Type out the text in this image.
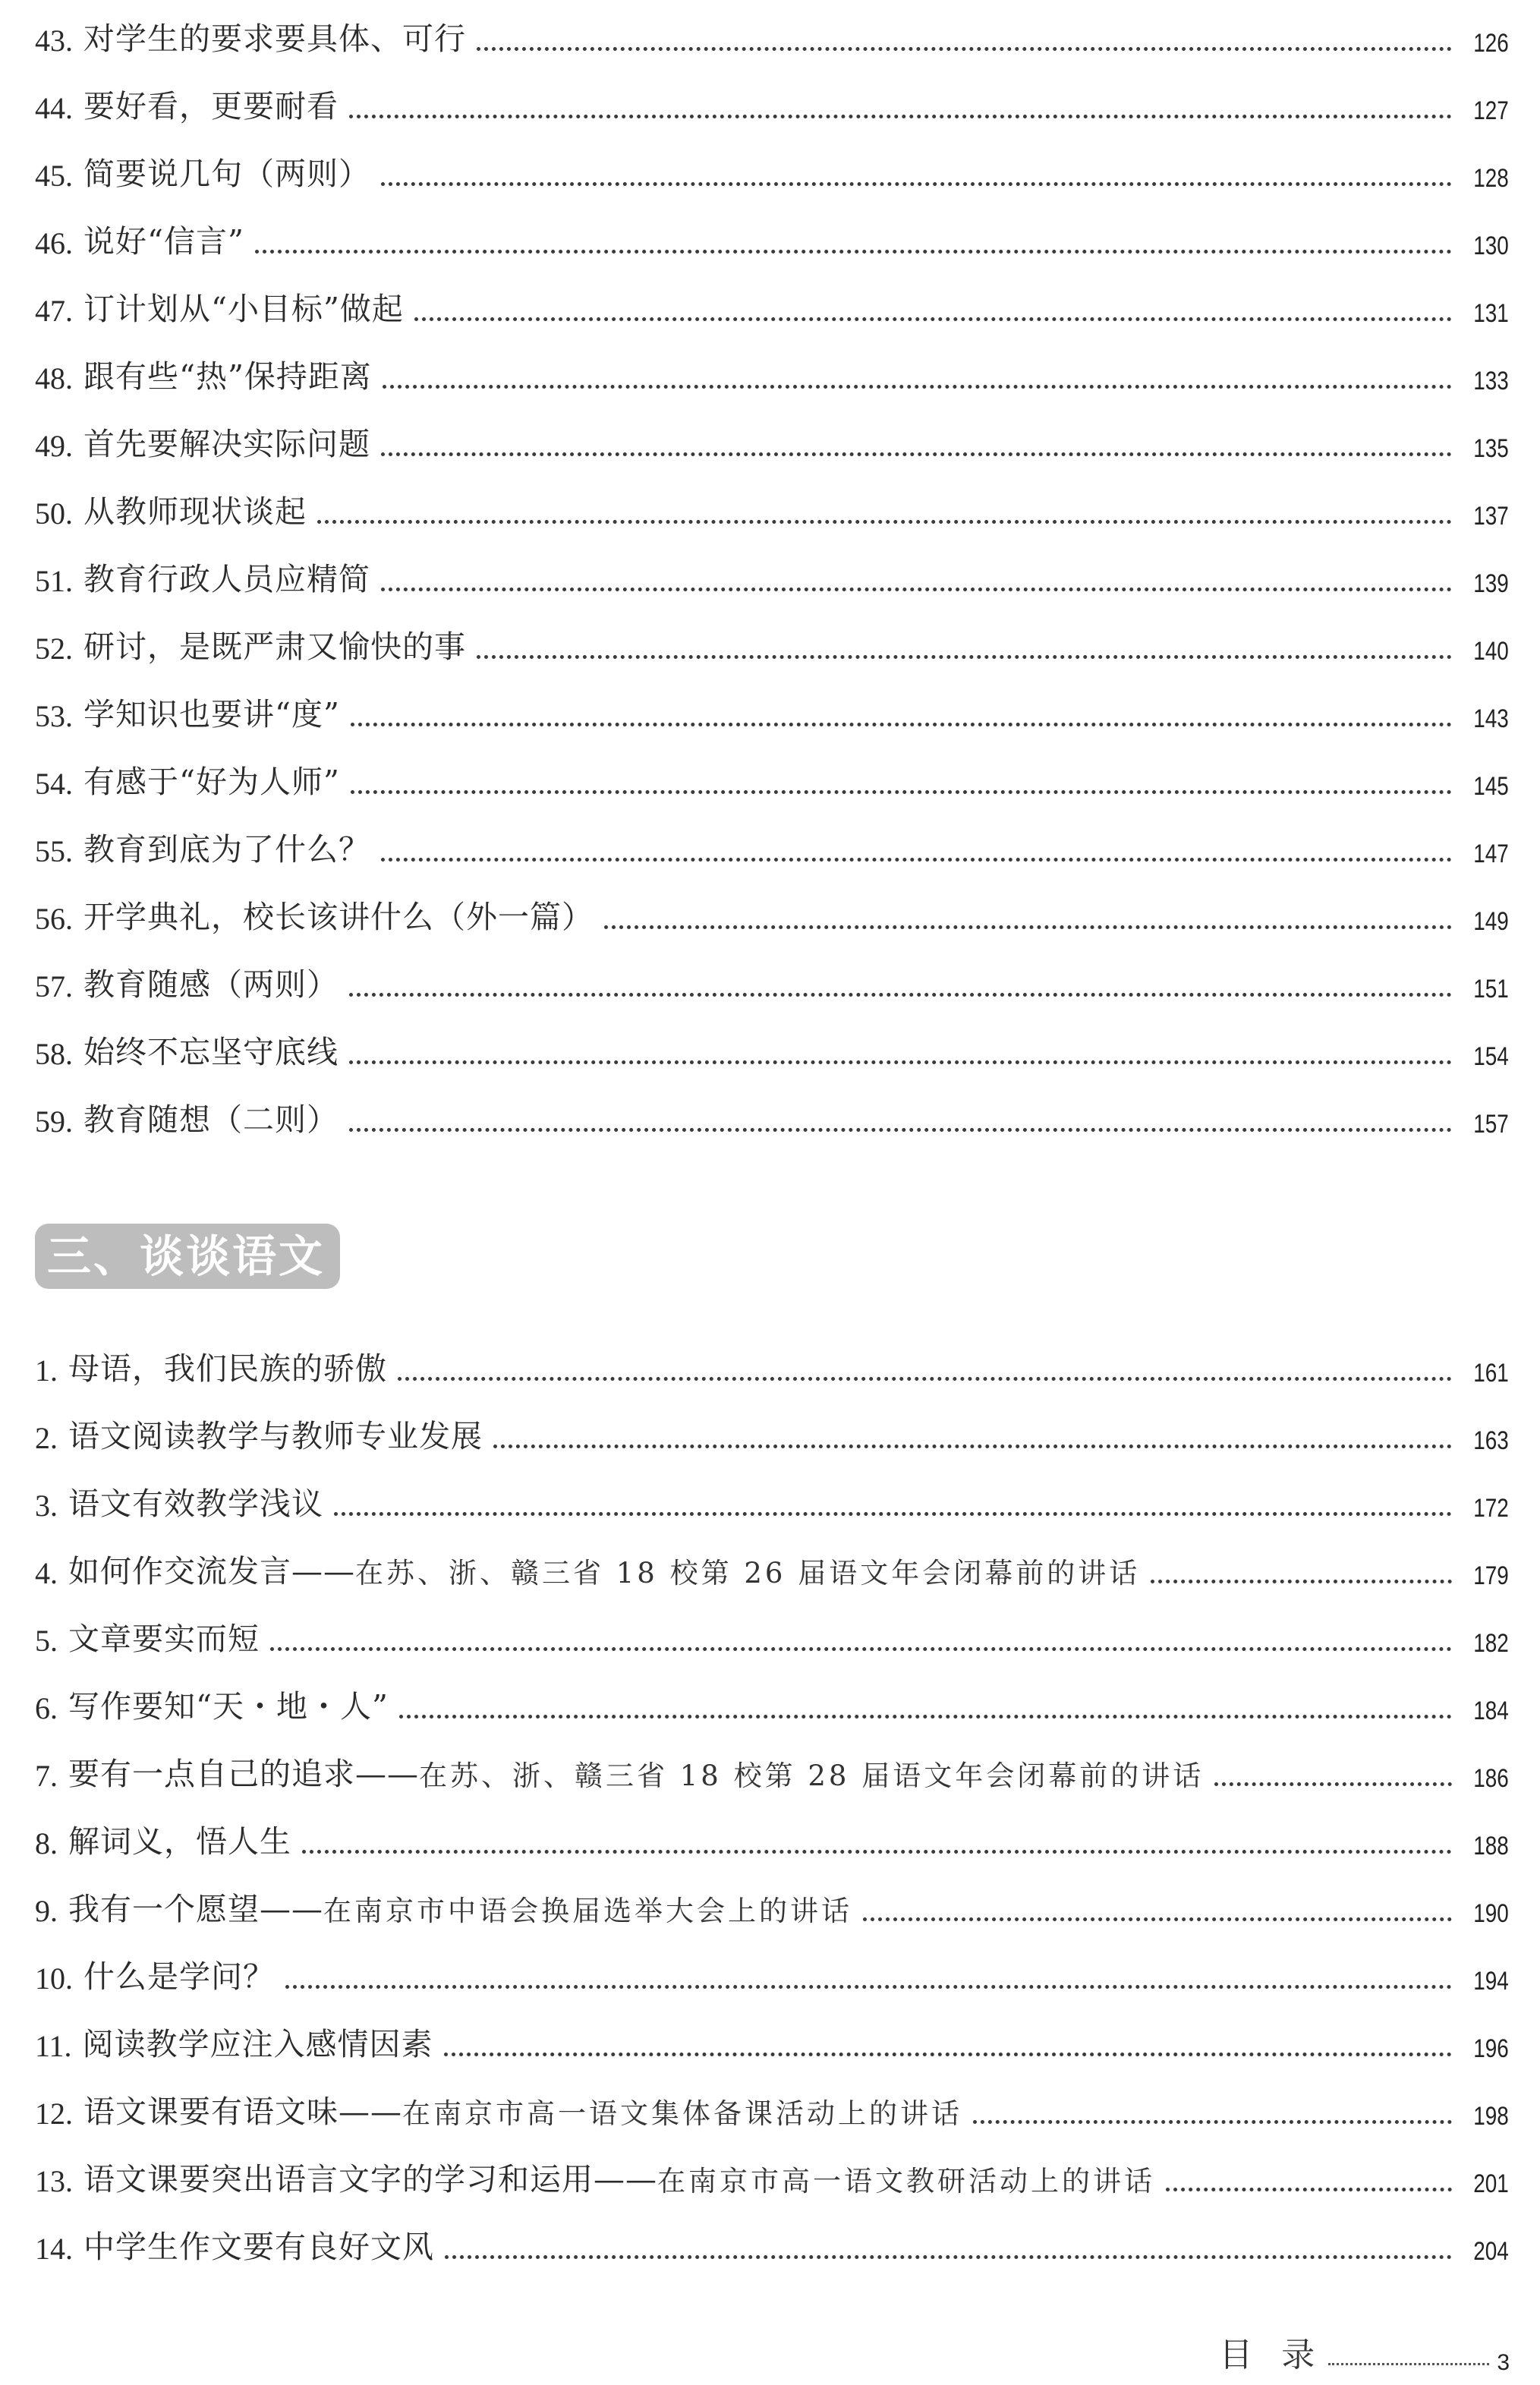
43. 对学生的要求要具体、可行	126
44. 要好看，更要耐看	127
45. 简要说几句（两则）	128
46. 说好“信言”	130
47. 订计划从“小目标”做起	131
48. 跟有些“热”保持距离	133
49. 首先要解决实际问题	135
50. 从教师现状谈起	137
51. 教育行政人员应精简	139
52. 研讨，是既严肃又愉快的事	140
53. 学知识也要讲“度”	143
54. 有感于“好为人师”	145
55. 教育到底为了什么？	147
56. 开学典礼，校长该讲什么（外一篇）	149
57. 教育随感（两则）	151
58. 始终不忘坚守底线	154
59. 教育随想（二则）	157
三、谈谈语文
1. 母语，我们民族的骄傲	161
2. 语文阅读教学与教师专业发展	163
3. 语文有效教学浅议	172
4. 如何作交流发言—— 在苏、浙、赣三省 18 校第 26 届语文年会闭幕前的讲话	179
5. 文章要实而短	182
6. 写作要知“天・地・人”	184
7. 要有一点自己的追求—— 在苏、浙、赣三省 18 校第 28 届语文年会闭幕前的讲话	186
8. 解词义，悟人生	188
9. 我有一个愿望—— 在南京市中语会换届选举大会上的讲话	190
10. 什么是学问？	194
11. 阅读教学应注入感情因素	196
12. 语文课要有语文味—— 在南京市高一语文集体备课活动上的讲话	198
13. 语文课要突出语言文字的学习和运用—— 在南京市高一语文教研活动上的讲话	201
14. 中学生作文要有良好文风	204
目录	3
